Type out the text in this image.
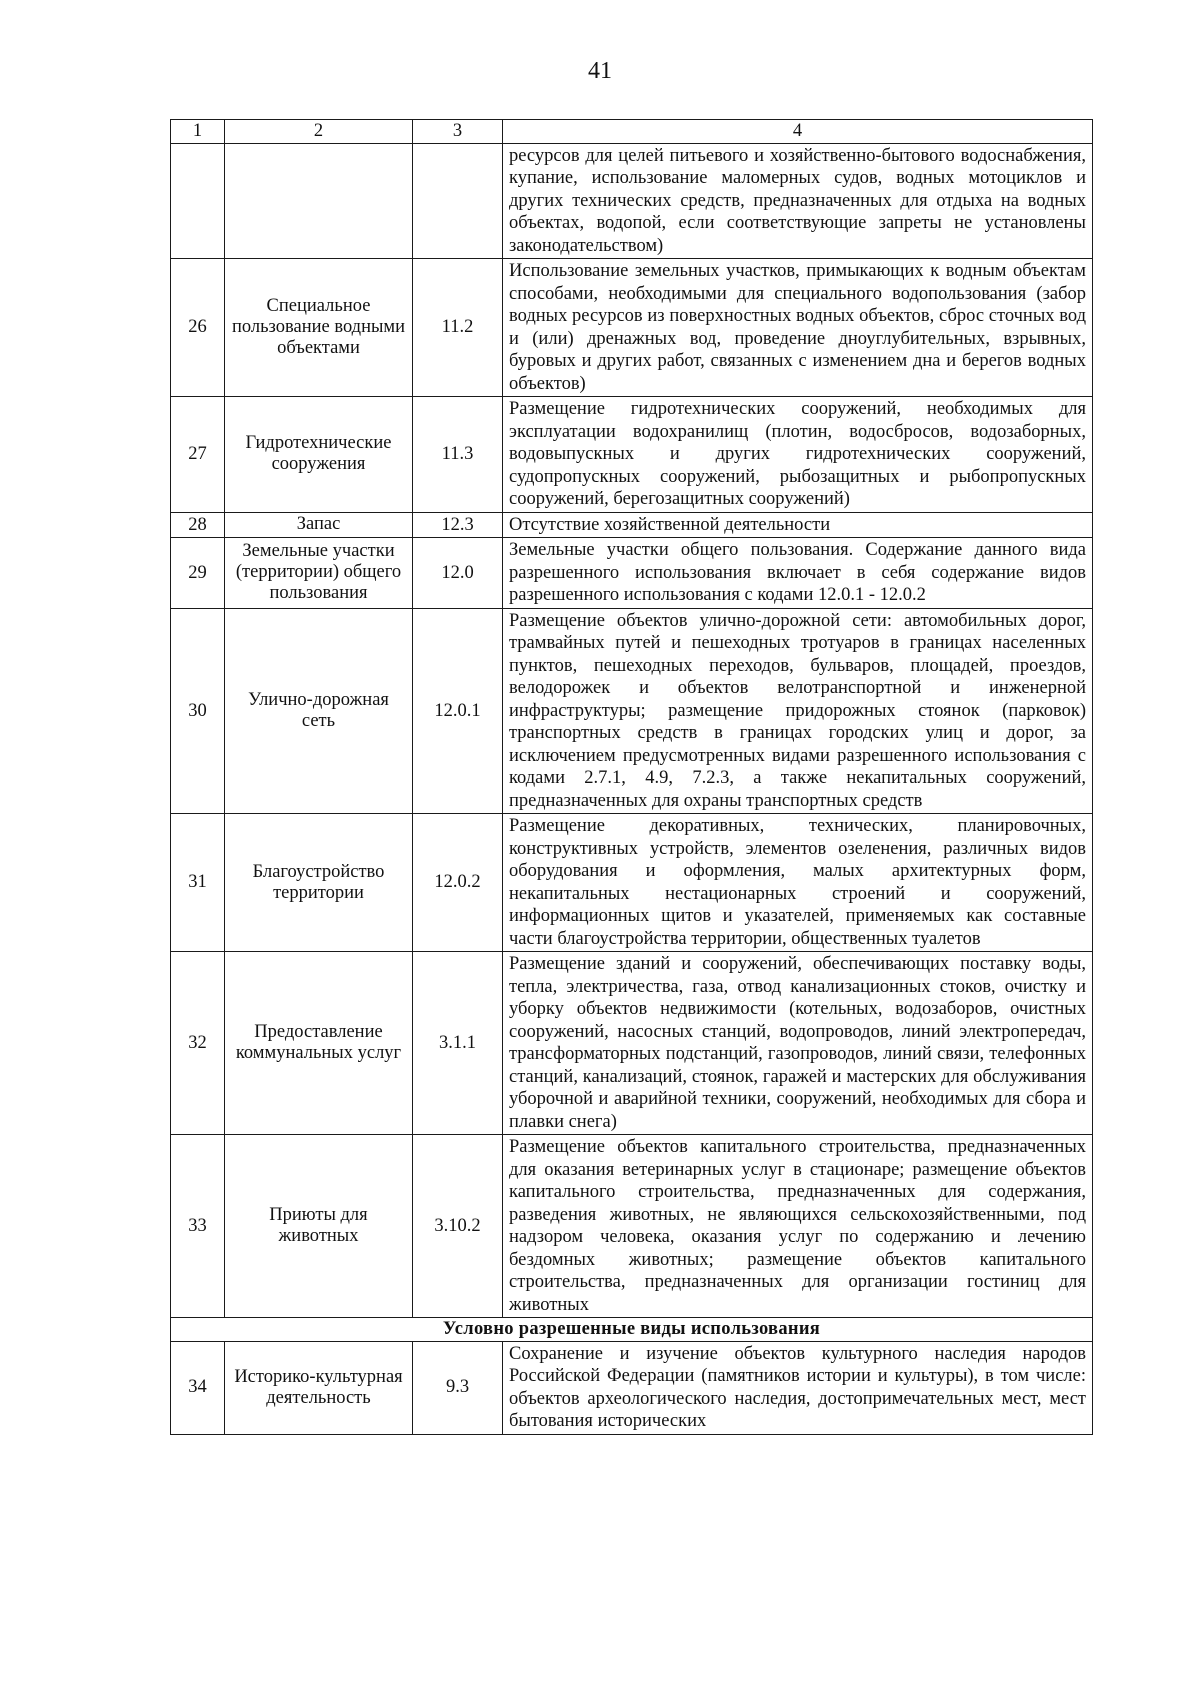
41
1	2	3	4
			ресурсов для целей питьевого и хозяйственно-бытового водоснабжения, купание, использование маломерных судов, водных мотоциклов и других технических средств, предназначенных для отдыха на водных объектах, водопой, если соответствующие запреты не установлены законодательством)
26	Специальное пользование водными объектами	11.2	Использование земельных участков, примыкающих к водным объектам способами, необходимыми для специального водопользования (забор водных ресурсов из поверхностных водных объектов, сброс сточных вод и (или) дренажных вод, проведение дноуглубительных, взрывных, буровых и других работ, связанных с изменением дна и берегов водных объектов)
27	Гидротехнические сооружения	11.3	Размещение гидротехнических сооружений, необходимых для эксплуатации водохранилищ (плотин, водосбросов, водозаборных, водовыпускных и других гидротехнических сооружений, судопропускных сооружений, рыбозащитных и рыбопропускных сооружений, берегозащитных сооружений)
28	Запас	12.3	Отсутствие хозяйственной деятельности
29	Земельные участки (территории) общего пользования	12.0	Земельные участки общего пользования. Содержание данного вида разрешенного использования включает в себя содержание видов разрешенного использования с кодами 12.0.1 - 12.0.2
30	Улично-дорожная сеть	12.0.1	Размещение объектов улично-дорожной сети: автомобильных дорог, трамвайных путей и пешеходных тротуаров в границах населенных пунктов, пешеходных переходов, бульваров, площадей, проездов, велодорожек и объектов велотранспортной и инженерной инфраструктуры; размещение придорожных стоянок (парковок) транспортных средств в границах городских улиц и дорог, за исключением предусмотренных видами разрешенного использования с кодами 2.7.1, 4.9, 7.2.3, а также некапитальных сооружений, предназначенных для охраны транспортных средств
31	Благоустройство территории	12.0.2	Размещение декоративных, технических, планировочных, конструктивных устройств, элементов озеленения, различных видов оборудования и оформления, малых архитектурных форм, некапитальных нестационарных строений и сооружений, информационных щитов и указателей, применяемых как составные части благоустройства территории, общественных туалетов
32	Предоставление коммунальных услуг	3.1.1	Размещение зданий и сооружений, обеспечивающих поставку воды, тепла, электричества, газа, отвод канализационных стоков, очистку и уборку объектов недвижимости (котельных, водозаборов, очистных сооружений, насосных станций, водопроводов, линий электропередач, трансформаторных подстанций, газопроводов, линий связи, телефонных станций, канализаций, стоянок, гаражей и мастерских для обслуживания уборочной и аварийной техники, сооружений, необходимых для сбора и плавки снега)
33	Приюты для животных	3.10.2	Размещение объектов капитального строительства, предназначенных для оказания ветеринарных услуг в стационаре; размещение объектов капитального строительства, предназначенных для содержания, разведения животных, не являющихся сельскохозяйственными, под надзором человека, оказания услуг по содержанию и лечению бездомных животных; размещение объектов капитального строительства, предназначенных для организации гостиниц для животных
Условно разрешенные виды использования			
34	Историко-культурная деятельность	9.3	Сохранение и изучение объектов культурного наследия народов Российской Федерации (памятников истории и культуры), в том числе: объектов археологического наследия, достопримечательных мест, мест бытования исторических
